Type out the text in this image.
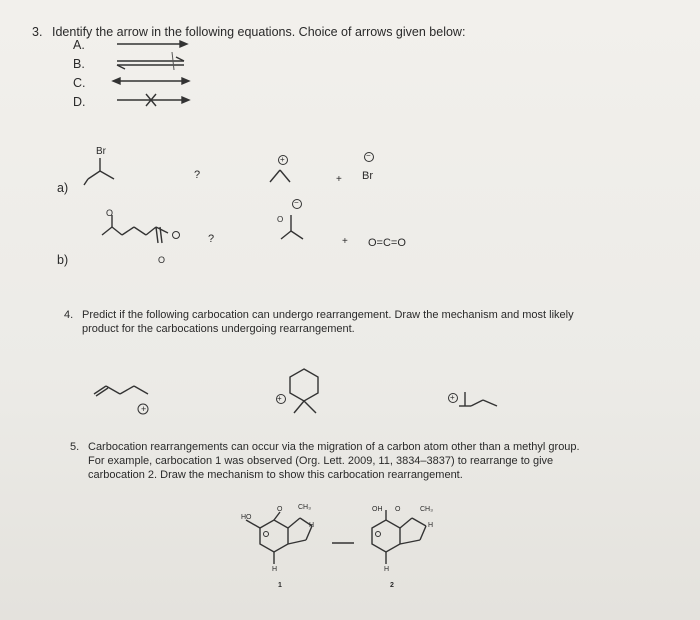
3. Identify the arrow in the following equations. Choice of arrows given below:
A.
B.
C.
D.
a)
Br
?
+
+
−
Br
b)
O
O
?
O
−
+ O=C=O
4. Predict if the following carbocation can undergo rearrangement. Draw the mechanism and most likely
product for the carbocations undergoing rearrangement.
+
+	+
5. Carbocation rearrangements can occur via the migration of a carbon atom other than a methyl group.
For example, carbocation 1 was observed (Org. Lett. 2009, 11, 3834–3837) to rearrange to give
carbocation 2. Draw the mechanism to show this carbocation rearrangement.
HO
O CH₃
H
H
1
OH O	CH₃
H
H
2
